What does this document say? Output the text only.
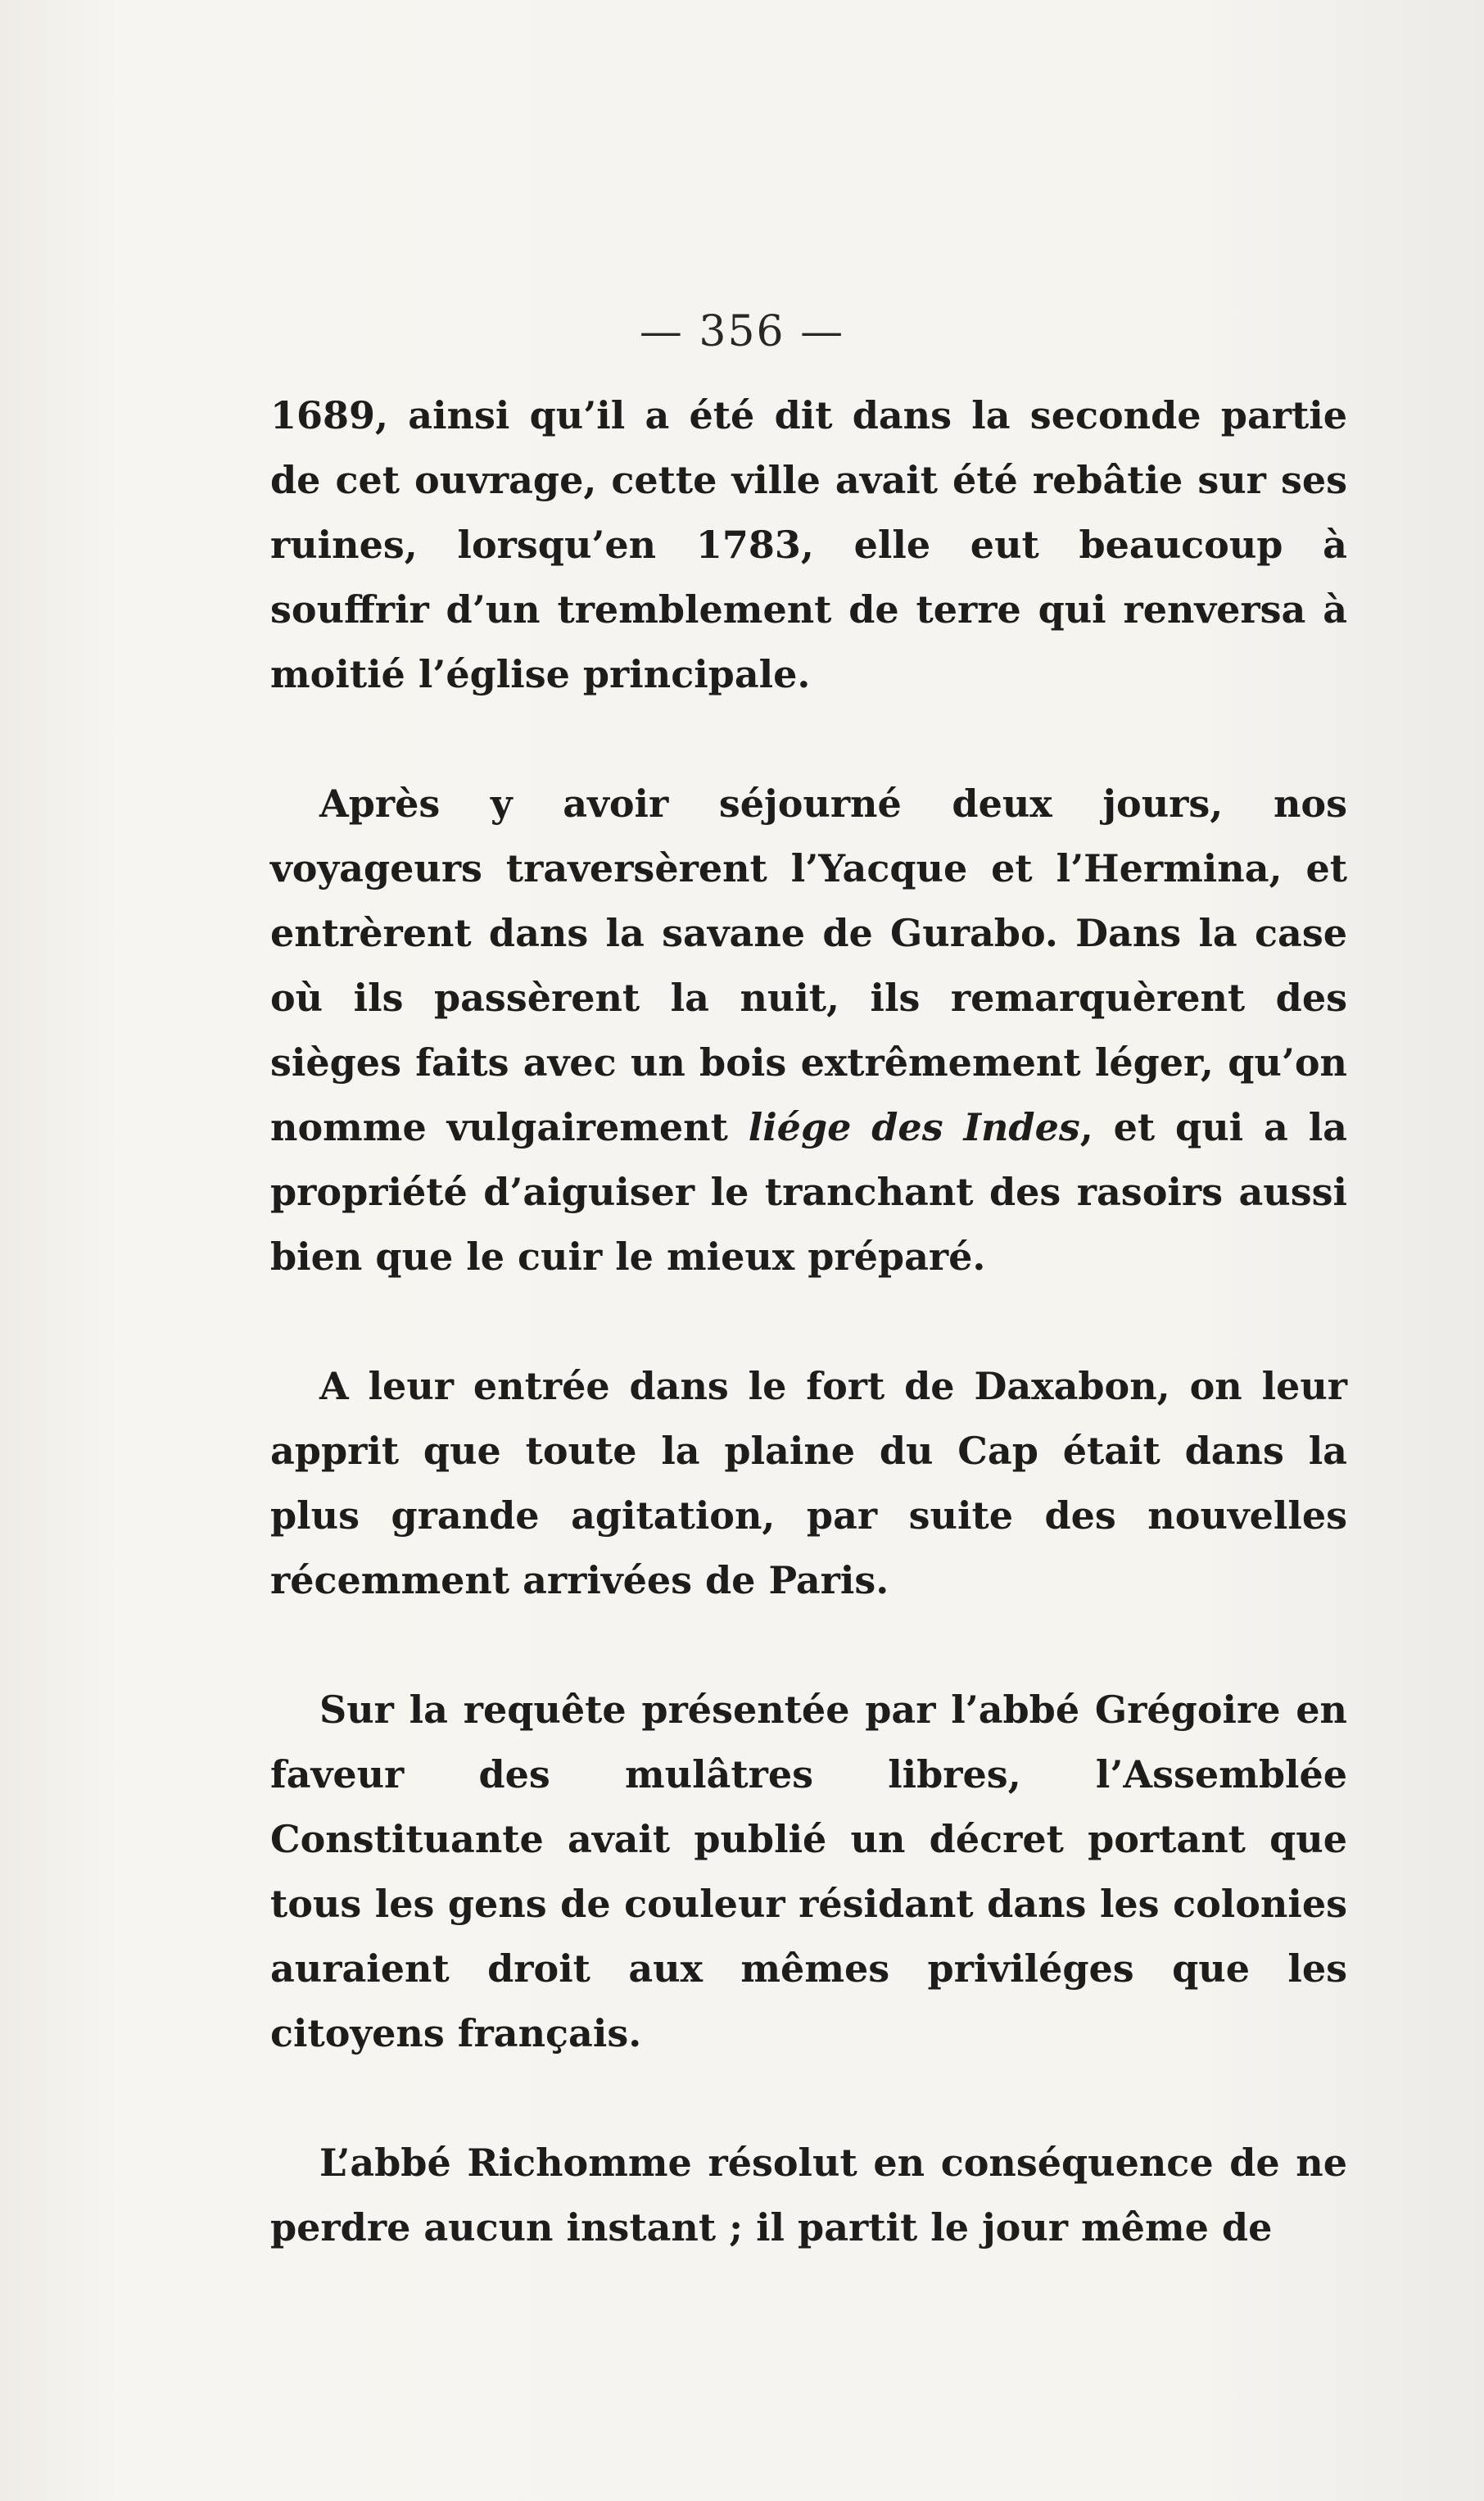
— 356 —

1689, ainsi qu’il a été dit dans la seconde partie de cet ouvrage, cette ville avait été rebâtie sur ses ruines, lorsqu’en 1783, elle eut beaucoup à souffrir d’un tremblement de terre qui renversa à moitié l’église principale.

Après y avoir séjourné deux jours, nos voyageurs traversèrent l’Yacque et l’Hermina, et entrèrent dans la savane de Gurabo. Dans la case où ils passèrent la nuit, ils remarquèrent des sièges faits avec un bois extrêmement léger, qu’on nomme vulgairement liége des Indes, et qui a la propriété d’aiguiser le tranchant des rasoirs aussi bien que le cuir le mieux préparé.

A leur entrée dans le fort de Daxabon, on leur apprit que toute la plaine du Cap était dans la plus grande agitation, par suite des nouvelles récemment arrivées de Paris.

Sur la requête présentée par l’abbé Grégoire en faveur des mulâtres libres, l’Assemblée Constituante avait publié un décret portant que tous les gens de couleur résidant dans les colonies auraient droit aux mêmes priviléges que les citoyens français.

L’abbé Richomme résolut en conséquence de ne perdre aucun instant ; il partit le jour même de
